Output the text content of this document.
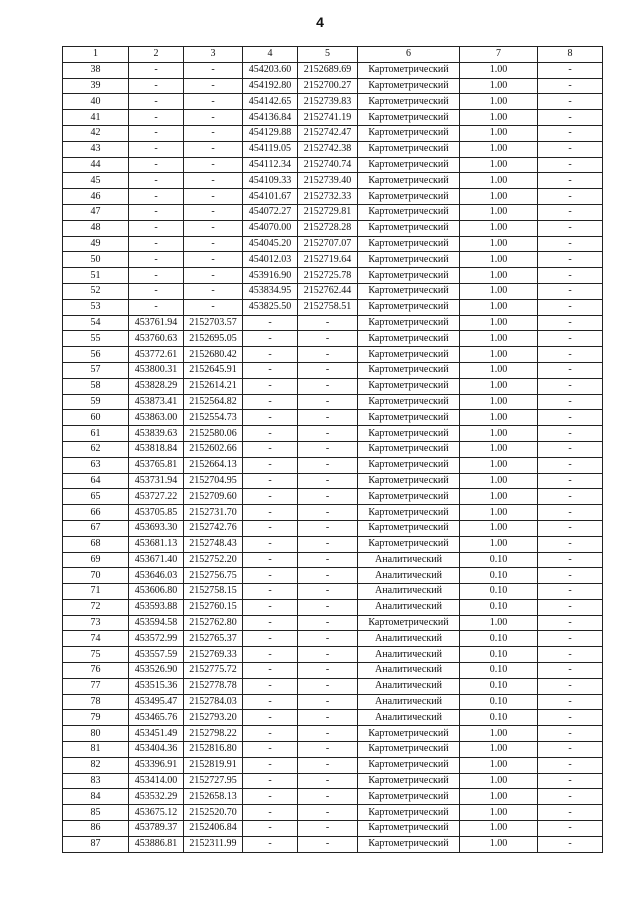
4
1	2	3	4	5	6	7	8
38	-	-	454203.60	2152689.69	Картометрический	1.00	-
39	-	-	454192.80	2152700.27	Картометрический	1.00	-
40	-	-	454142.65	2152739.83	Картометрический	1.00	-
41	-	-	454136.84	2152741.19	Картометрический	1.00	-
42	-	-	454129.88	2152742.47	Картометрический	1.00	-
43	-	-	454119.05	2152742.38	Картометрический	1.00	-
44	-	-	454112.34	2152740.74	Картометрический	1.00	-
45	-	-	454109.33	2152739.40	Картометрический	1.00	-
46	-	-	454101.67	2152732.33	Картометрический	1.00	-
47	-	-	454072.27	2152729.81	Картометрический	1.00	-
48	-	-	454070.00	2152728.28	Картометрический	1.00	-
49	-	-	454045.20	2152707.07	Картометрический	1.00	-
50	-	-	454012.03	2152719.64	Картометрический	1.00	-
51	-	-	453916.90	2152725.78	Картометрический	1.00	-
52	-	-	453834.95	2152762.44	Картометрический	1.00	-
53	-	-	453825.50	2152758.51	Картометрический	1.00	-
54	453761.94	2152703.57	-	-	Картометрический	1.00	-
55	453760.63	2152695.05	-	-	Картометрический	1.00	-
56	453772.61	2152680.42	-	-	Картометрический	1.00	-
57	453800.31	2152645.91	-	-	Картометрический	1.00	-
58	453828.29	2152614.21	-	-	Картометрический	1.00	-
59	453873.41	2152564.82	-	-	Картометрический	1.00	-
60	453863.00	2152554.73	-	-	Картометрический	1.00	-
61	453839.63	2152580.06	-	-	Картометрический	1.00	-
62	453818.84	2152602.66	-	-	Картометрический	1.00	-
63	453765.81	2152664.13	-	-	Картометрический	1.00	-
64	453731.94	2152704.95	-	-	Картометрический	1.00	-
65	453727.22	2152709.60	-	-	Картометрический	1.00	-
66	453705.85	2152731.70	-	-	Картометрический	1.00	-
67	453693.30	2152742.76	-	-	Картометрический	1.00	-
68	453681.13	2152748.43	-	-	Картометрический	1.00	-
69	453671.40	2152752.20	-	-	Аналитический	0.10	-
70	453646.03	2152756.75	-	-	Аналитический	0.10	-
71	453606.80	2152758.15	-	-	Аналитический	0.10	-
72	453593.88	2152760.15	-	-	Аналитический	0.10	-
73	453594.58	2152762.80	-	-	Картометрический	1.00	-
74	453572.99	2152765.37	-	-	Аналитический	0.10	-
75	453557.59	2152769.33	-	-	Аналитический	0.10	-
76	453526.90	2152775.72	-	-	Аналитический	0.10	-
77	453515.36	2152778.78	-	-	Аналитический	0.10	-
78	453495.47	2152784.03	-	-	Аналитический	0.10	-
79	453465.76	2152793.20	-	-	Аналитический	0.10	-
80	453451.49	2152798.22	-	-	Картометрический	1.00	-
81	453404.36	2152816.80	-	-	Картометрический	1.00	-
82	453396.91	2152819.91	-	-	Картометрический	1.00	-
83	453414.00	2152727.95	-	-	Картометрический	1.00	-
84	453532.29	2152658.13	-	-	Картометрический	1.00	-
85	453675.12	2152520.70	-	-	Картометрический	1.00	-
86	453789.37	2152406.84	-	-	Картометрический	1.00	-
87	453886.81	2152311.99	-	-	Картометрический	1.00	-
